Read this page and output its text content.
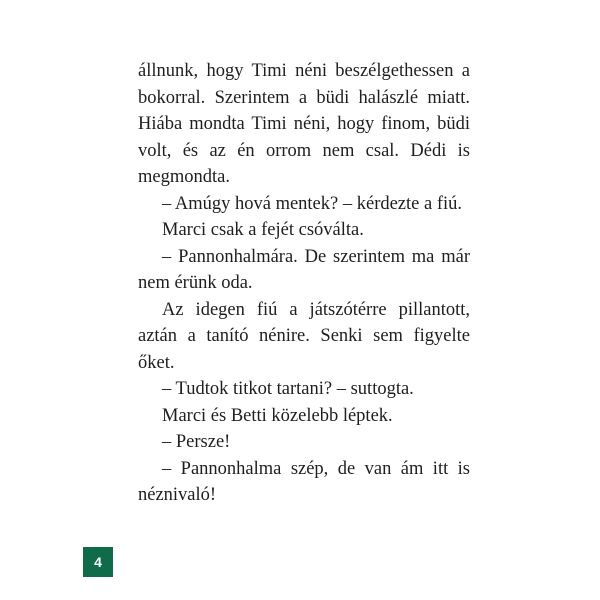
állnunk, hogy Timi néni beszélgethessen a bokorral. Szerintem a büdi halászlé miatt. Hiába mondta Timi néni, hogy finom, büdi volt, és az én orrom nem csal. Dédi is megmondta.

– Amúgy hová mentek? – kérdezte a fiú.

Marci csak a fejét csóválta.

– Pannonhalmára. De szerintem ma már nem érünk oda.

Az idegen fiú a játszótérre pillantott, aztán a tanító nénire. Senki sem figyelte őket.

– Tudtok titkot tartani? – suttogta.

Marci és Betti közelebb léptek.

– Persze!

– Pannonhalma szép, de van ám itt is néznivaló!

4
